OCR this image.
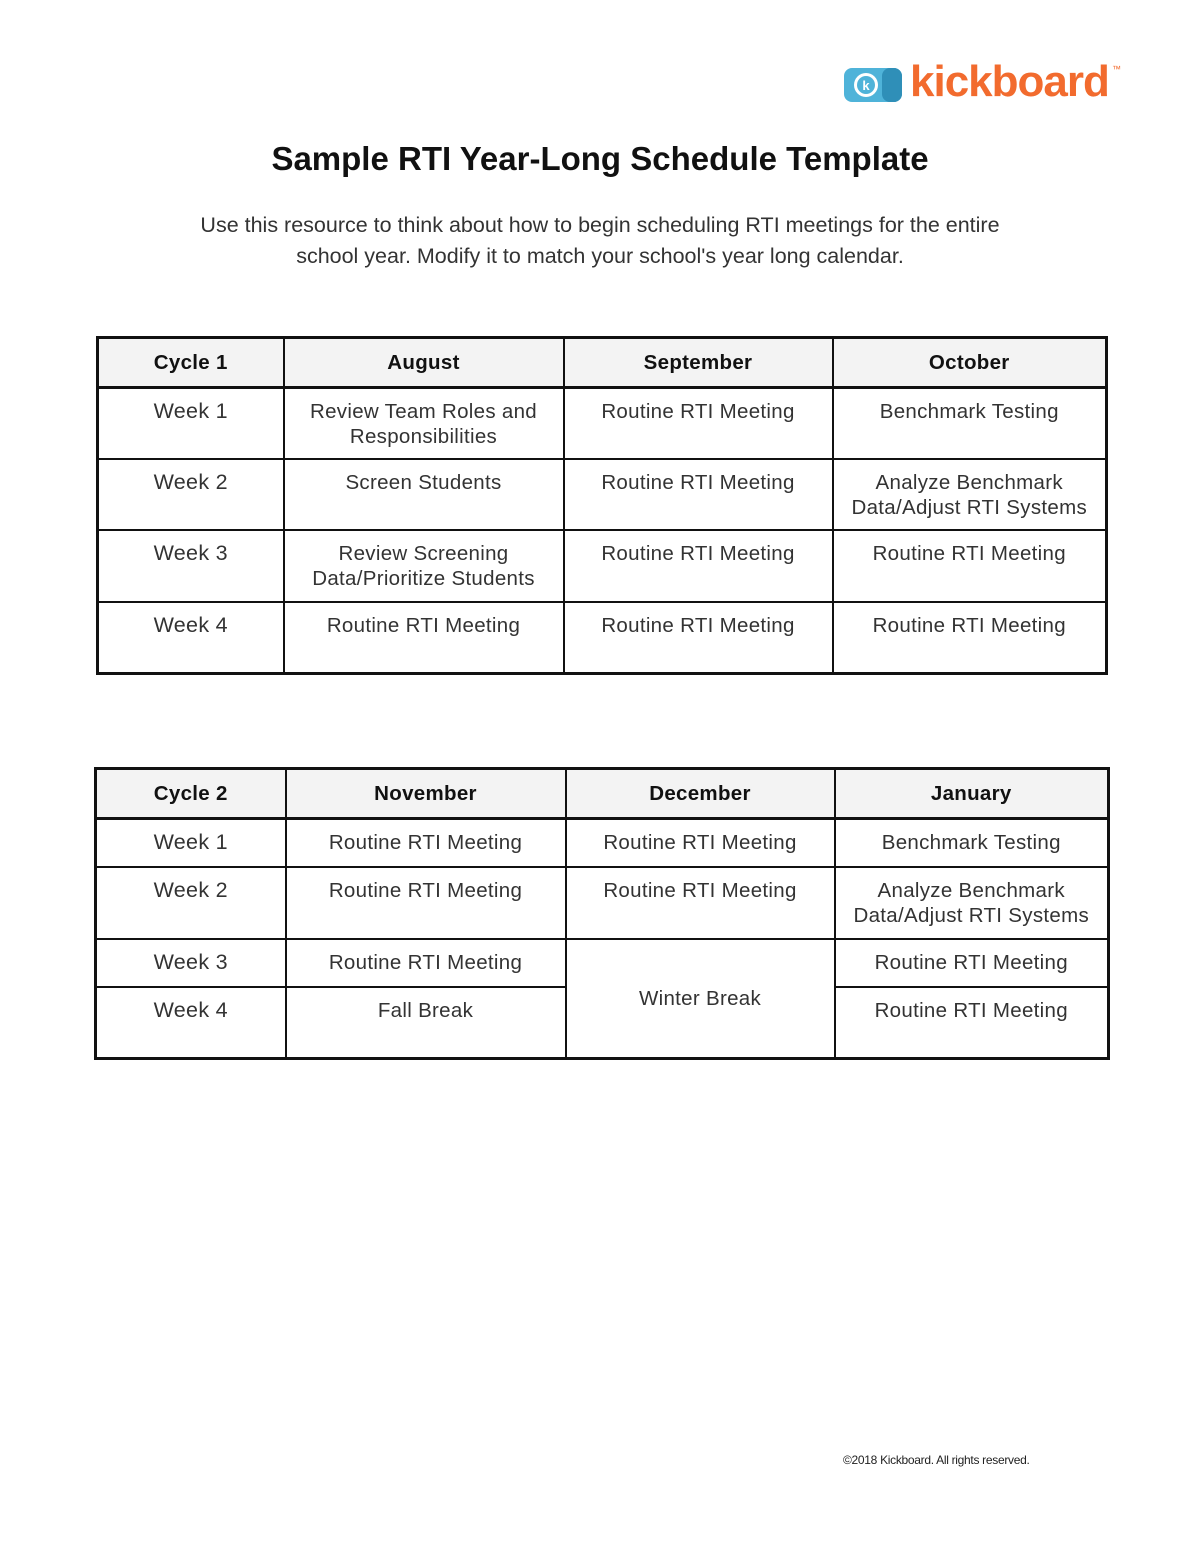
k kickboard ™
Sample RTI Year-Long Schedule Template
Use this resource to think about how to begin scheduling RTI meetings for the entire
school year. Modify it to match your school's year long calendar.
Cycle 1	August	September	October
Week 1	Review Team Roles and Responsibilities	Routine RTI Meeting	Benchmark Testing
Week 2	Screen Students	Routine RTI Meeting	Analyze Benchmark Data/Adjust RTI Systems
Week 3	Review Screening Data/Prioritize Students	Routine RTI Meeting	Routine RTI Meeting
Week 4	Routine RTI Meeting	Routine RTI Meeting	Routine RTI Meeting
Cycle 2	November	December	January
Week 1	Routine RTI Meeting	Routine RTI Meeting	Benchmark Testing
Week 2	Routine RTI Meeting	Routine RTI Meeting	Analyze Benchmark Data/Adjust RTI Systems
Week 3	Routine RTI Meeting	Winter Break	Routine RTI Meeting
Week 4	Fall Break		Routine RTI Meeting
©2018 Kickboard. All rights reserved.
